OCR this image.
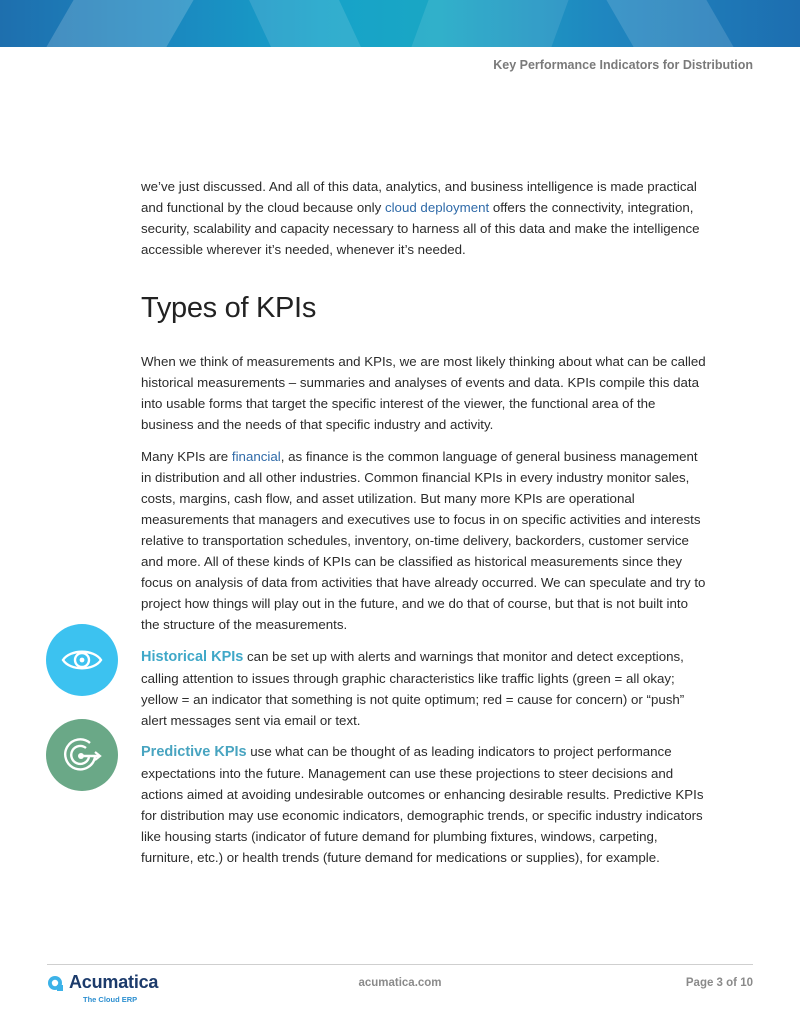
Key Performance Indicators for Distribution

we’ve just discussed. And all of this data, analytics, and business intelligence is made practical and functional by the cloud because only cloud deployment offers the connectivity, integration, security, scalability and capacity necessary to harness all of this data and make the intelligence accessible wherever it’s needed, whenever it’s needed.

Types of KPIs

When we think of measurements and KPIs, we are most likely thinking about what can be called historical measurements – summaries and analyses of events and data. KPIs compile this data into usable forms that target the specific interest of the viewer, the functional area of the business and the needs of that specific industry and activity.

Many KPIs are financial, as finance is the common language of general business management in distribution and all other industries. Common financial KPIs in every industry monitor sales, costs, margins, cash flow, and asset utilization. But many more KPIs are operational measurements that managers and executives use to focus in on specific activities and interests relative to transportation schedules, inventory, on-time delivery, backorders, customer service and more. All of these kinds of KPIs can be classified as historical measurements since they focus on analysis of data from activities that have already occurred. We can speculate and try to project how things will play out in the future, and we do that of course, but that is not built into the structure of the measurements.

Historical KPIs can be set up with alerts and warnings that monitor and detect exceptions, calling attention to issues through graphic characteristics like traffic lights (green = all okay; yellow = an indicator that something is not quite optimum; red = cause for concern) or “push” alert messages sent via email or text.

Predictive KPIs use what can be thought of as leading indicators to project performance expectations into the future. Management can use these projections to steer decisions and actions aimed at avoiding undesirable outcomes or enhancing desirable results. Predictive KPIs for distribution may use economic indicators, demographic trends, or specific industry indicators like housing starts (indicator of future demand for plumbing fixtures, windows, carpeting, furniture, etc.) or health trends (future demand for medications or supplies), for example.

Acumatica
The Cloud ERP
acumatica.com	Page 3 of 10
